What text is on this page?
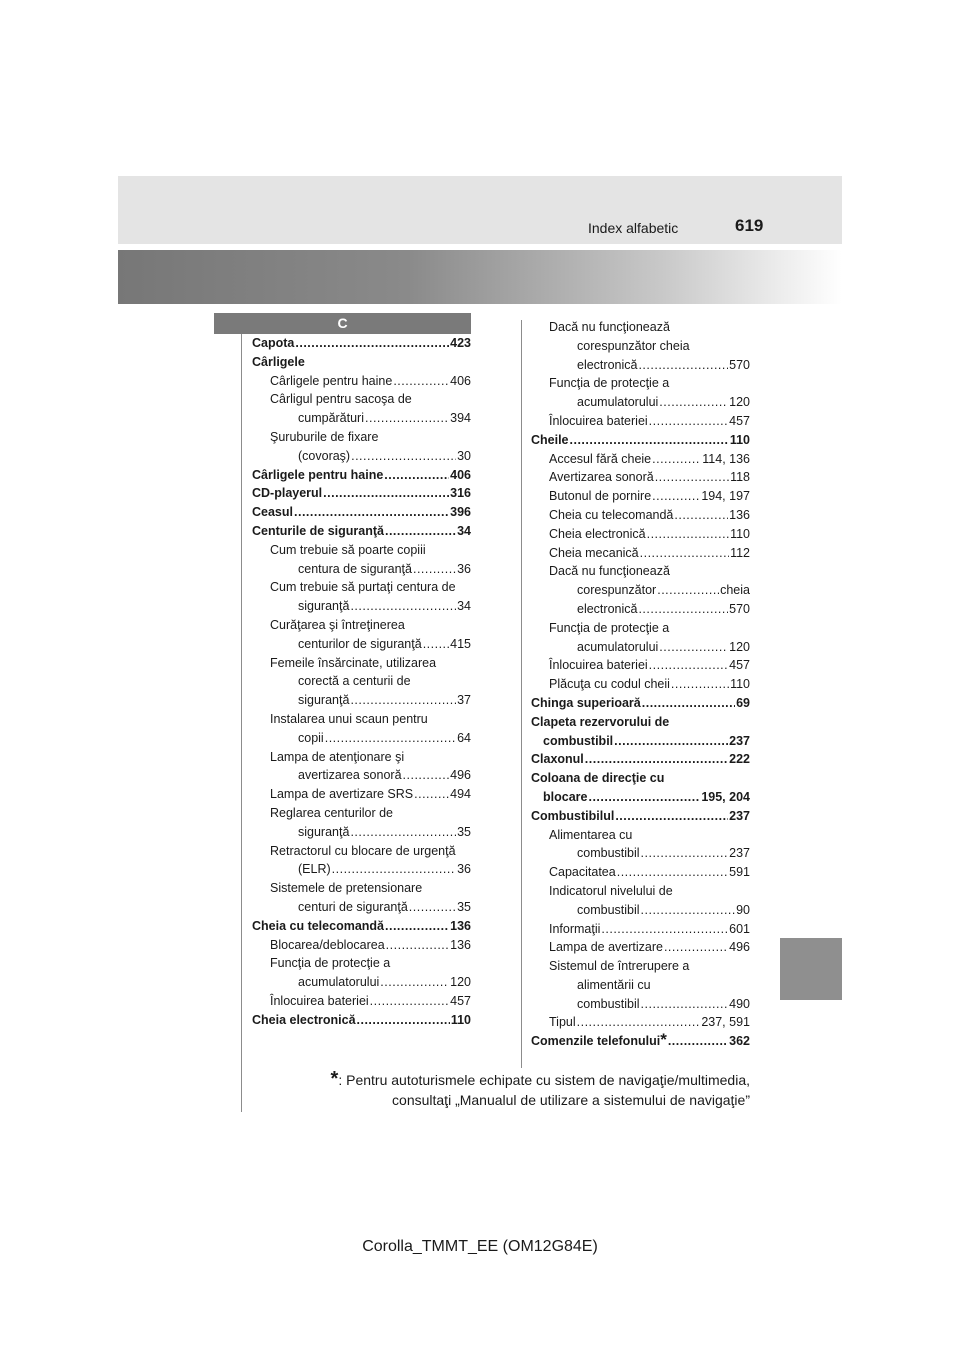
Index alfabetic	619
C
Capota .....	423
Cârligele
Cârligele pentru haine .....	406
Cârligul pentru sacoşa de
cumpărături .....	394
Şuruburile de fixare
(covoraş) .....	30
Cârligele pentru haine .....	406
CD-playerul .....	316
Ceasul .....	396
Centurile de siguranţă .....	34
Cum trebuie să poarte copiii
centura de siguranţă .....	36
Cum trebuie să purtaţi centura de
siguranţă .....	34
Curăţarea şi întreţinerea
centurilor de siguranţă ..... 415
Femeile însărcinate, utilizarea
corectă a centurii de
siguranţă .....	37
Instalarea unui scaun pentru
copii .....	64
Lampa de atenţionare şi
avertizarea sonoră .....	496
Lampa de avertizare SRS .....	494
Reglarea centurilor de
siguranţă .....	35
Retractorul cu blocare de urgenţă
(ELR) .....	36
Sistemele de pretensionare
centuri de siguranţă .....	35
Cheia cu telecomandă .....	136
Blocarea/deblocarea .....	136
Funcţia de protecţie a
acumulatorului .....	120
Înlocuirea bateriei .....	457
Cheia electronică .....	110
Dacă nu funcţionează
corespunzător cheia
electronică .....	570
Funcţia de protecţie a
acumulatorului .....	120
Înlocuirea bateriei .....	457
Cheile .....	110
Accesul fără cheie .....	114, 136
Avertizarea sonoră .....	118
Butonul de pornire .....	194, 197
Cheia cu telecomandă .....	136
Cheia electronică .....	110
Cheia mecanică .....	112
Dacă nu funcţionează
corespunzător .....	cheia
electronică .....	570
Funcţia de protecţie a
acumulatorului .....	120
Înlocuirea bateriei .....	457
Plăcuţa cu codul cheii .....	110
Chinga superioară .....	69
Clapeta rezervorului de
combustibil .....	237
Claxonul .....	222
Coloana de direcţie cu
blocare .....	195, 204
Combustibilul .....	237
Alimentarea cu
combustibil .....	237
Capacitatea .....	591
Indicatorul nivelului de
combustibil .....	90
Informaţii .....	601
Lampa de avertizare .....	496
Sistemul de întrerupere a
alimentării cu
combustibil .....	490
Tipul .....	237, 591
Comenzile telefonului * .....	362
*: Pentru autoturismele echipate cu sistem de navigaţie/multimedia,
consultaţi „Manualul de utilizare a sistemului de navigaţie”
Corolla_TMMT_EE (OM12G84E)
